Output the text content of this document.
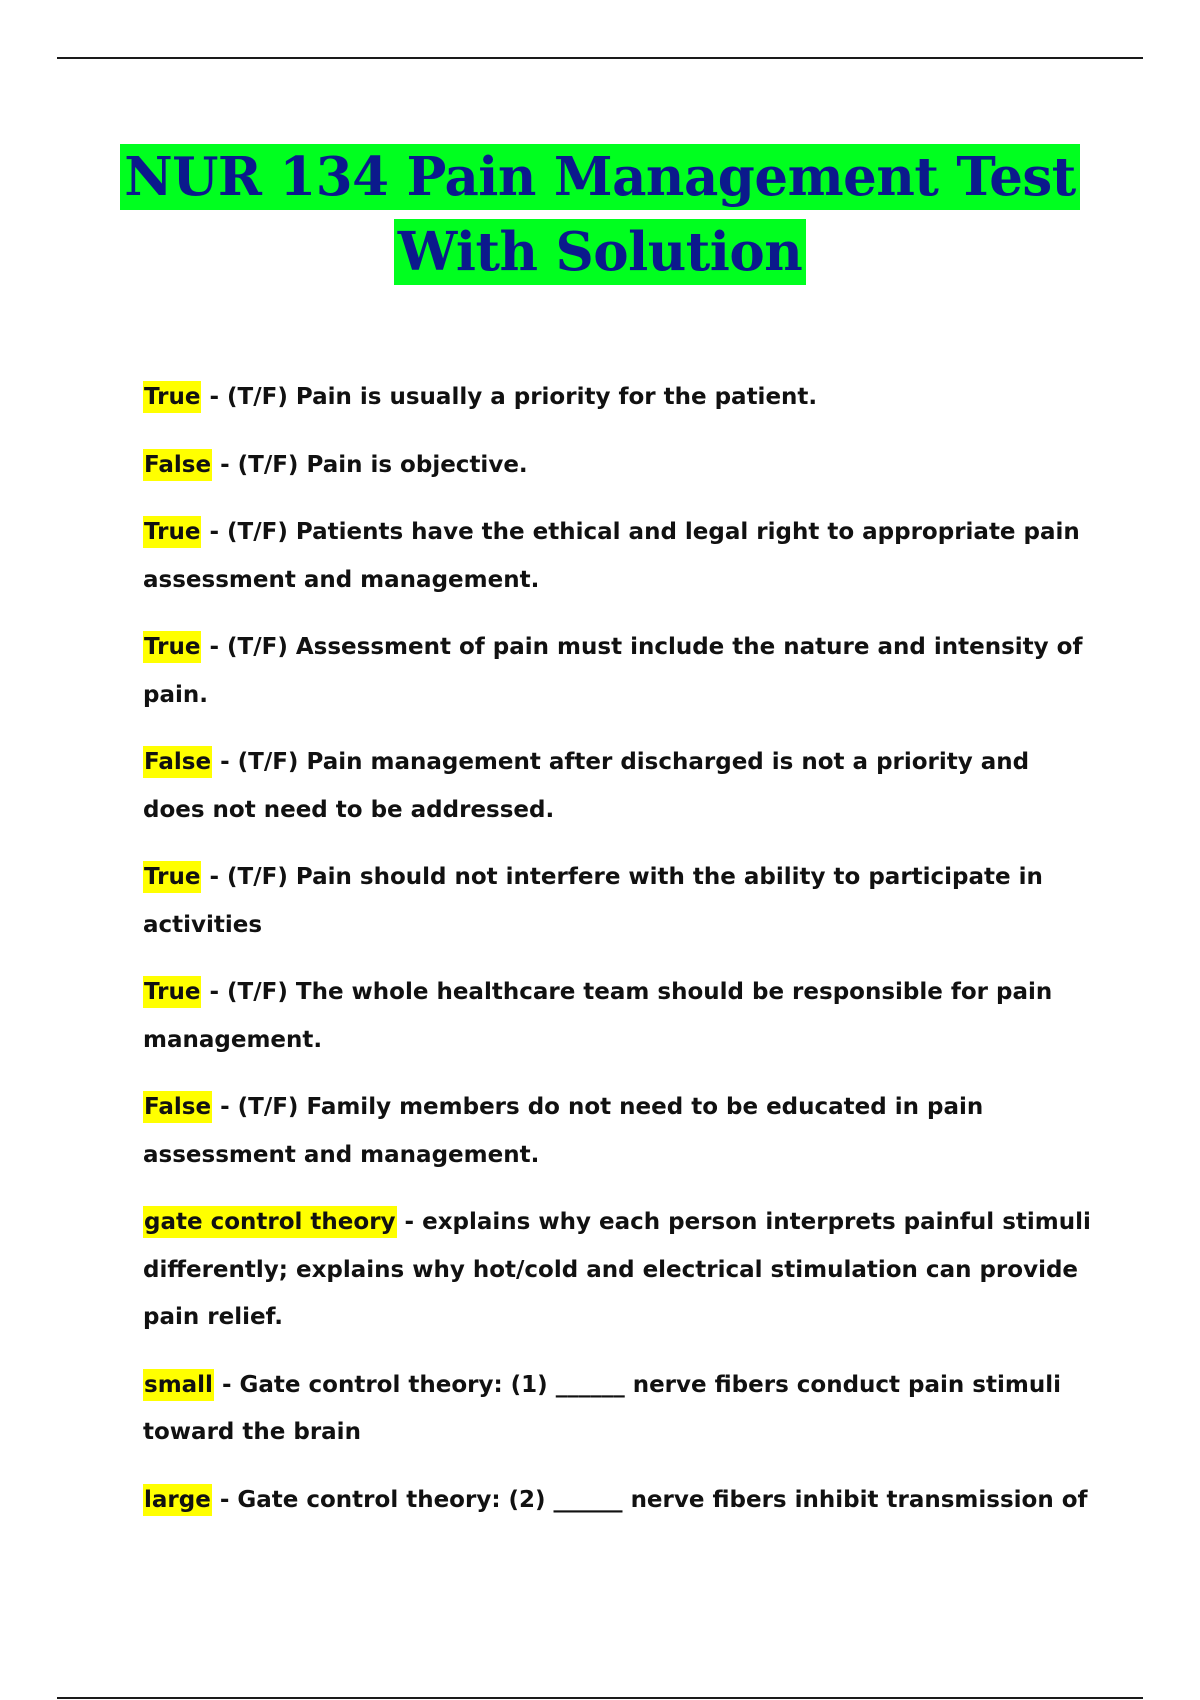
NUR 134 Pain Management Test
With Solution
True - (T/F) Pain is usually a priority for the patient.
False - (T/F) Pain is objective.
True - (T/F) Patients have the ethical and legal right to appropriate pain assessment and management.
True - (T/F) Assessment of pain must include the nature and intensity of pain.
False - (T/F) Pain management after discharged is not a priority and does not need to be addressed.
True - (T/F) Pain should not interfere with the ability to participate in activities
True - (T/F) The whole healthcare team should be responsible for pain management.
False - (T/F) Family members do not need to be educated in pain assessment and management.
gate control theory - explains why each person interprets painful stimuli differently; explains why hot/cold and electrical stimulation can provide pain relief.
small - Gate control theory: (1) ______ nerve fibers conduct pain stimuli toward the brain
large - Gate control theory: (2) ______ nerve fibers inhibit transmission of
